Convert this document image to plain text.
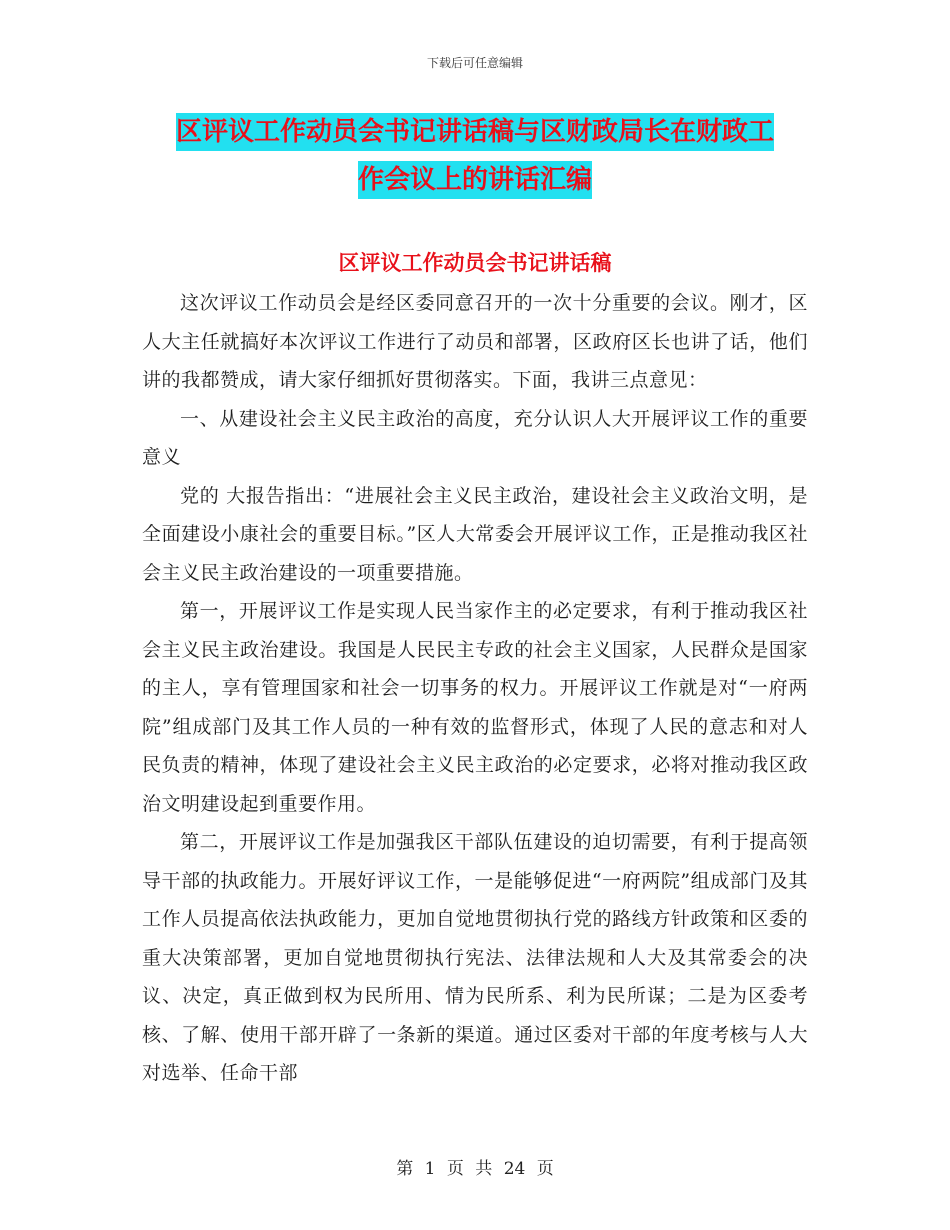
下载后可任意编辑
区评议工作动员会书记讲话稿与区财政局长在财政工
作会议上的讲话汇编
区评议工作动员会书记讲话稿

这次评议工作动员会是经区委同意召开的一次十分重要的会议。刚才，区人大主任就搞好本次评议工作进行了动员和部署，区政府区长也讲了话，他们讲的我都赞成，请大家仔细抓好贯彻落实。下面，我讲三点意见：

一、从建设社会主义民主政治的高度，充分认识人大开展评议工作的重要意义

党的 大报告指出：“进展社会主义民主政治，建设社会主义政治文明，是全面建设小康社会的重要目标。”区人大常委会开展评议工作，正是推动我区社会主义民主政治建设的一项重要措施。

第一，开展评议工作是实现人民当家作主的必定要求，有利于推动我区社会主义民主政治建设。我国是人民民主专政的社会主义国家，人民群众是国家的主人，享有管理国家和社会一切事务的权力。开展评议工作就是对“一府两院”组成部门及其工作人员的一种有效的监督形式，体现了人民的意志和对人民负责的精神，体现了建设社会主义民主政治的必定要求，必将对推动我区政治文明建设起到重要作用。

第二，开展评议工作是加强我区干部队伍建设的迫切需要，有利于提高领导干部的执政能力。开展好评议工作，一是能够促进“一府两院”组成部门及其工作人员提高依法执政能力，更加自觉地贯彻执行党的路线方针政策和区委的重大决策部署，更加自觉地贯彻执行宪法、法律法规和人大及其常委会的决议、决定，真正做到权为民所用、情为民所系、利为民所谋；二是为区委考核、了解、使用干部开辟了一条新的渠道。通过区委对干部的年度考核与人大对选举、任命干部

第 1 页 共 24 页
